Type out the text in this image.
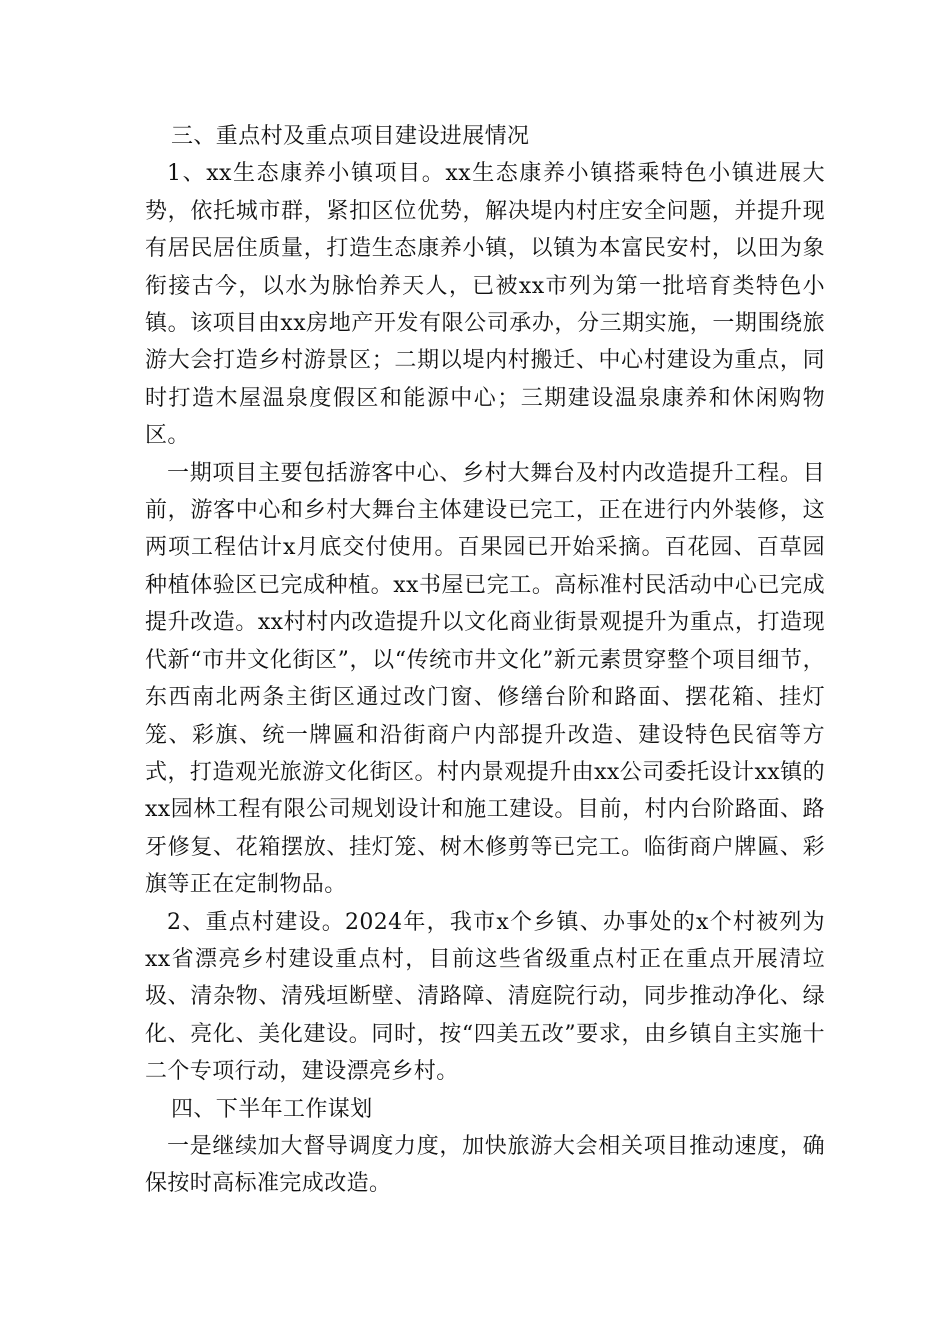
三、重点村及重点项目建设进展情况

1、xx生态康养小镇项目。xx生态康养小镇搭乘特色小镇进展大势，依托城市群，紧扣区位优势，解决堤内村庄安全问题，并提升现有居民居住质量，打造生态康养小镇，以镇为本富民安村，以田为象衔接古今，以水为脉怡养天人，已被xx市列为第一批培育类特色小镇。该项目由xx房地产开发有限公司承办，分三期实施，一期围绕旅游大会打造乡村游景区；二期以堤内村搬迁、中心村建设为重点，同时打造木屋温泉度假区和能源中心；三期建设温泉康养和休闲购物区。

一期项目主要包括游客中心、乡村大舞台及村内改造提升工程。目前，游客中心和乡村大舞台主体建设已完工，正在进行内外装修，这两项工程估计x月底交付使用。百果园已开始采摘。百花园、百草园种植体验区已完成种植。xx书屋已完工。高标准村民活动中心已完成提升改造。xx村村内改造提升以文化商业街景观提升为重点，打造现代新“市井文化街区”，以“传统市井文化”新元素贯穿整个项目细节，东西南北两条主街区通过改门窗、修缮台阶和路面、摆花箱、挂灯笼、彩旗、统一牌匾和沿街商户内部提升改造、建设特色民宿等方式，打造观光旅游文化街区。村内景观提升由xx公司委托设计xx镇的xx园林工程有限公司规划设计和施工建设。目前，村内台阶路面、路牙修复、花箱摆放、挂灯笼、树木修剪等已完工。临街商户牌匾、彩旗等正在定制物品。

2、重点村建设。2024年，我市x个乡镇、办事处的x个村被列为xx省漂亮乡村建设重点村，目前这些省级重点村正在重点开展清垃圾、清杂物、清残垣断壁、清路障、清庭院行动，同步推动净化、绿化、亮化、美化建设。同时，按“四美五改”要求，由乡镇自主实施十二个专项行动，建设漂亮乡村。

四、下半年工作谋划

一是继续加大督导调度力度，加快旅游大会相关项目推动速度，确保按时高标准完成改造。
